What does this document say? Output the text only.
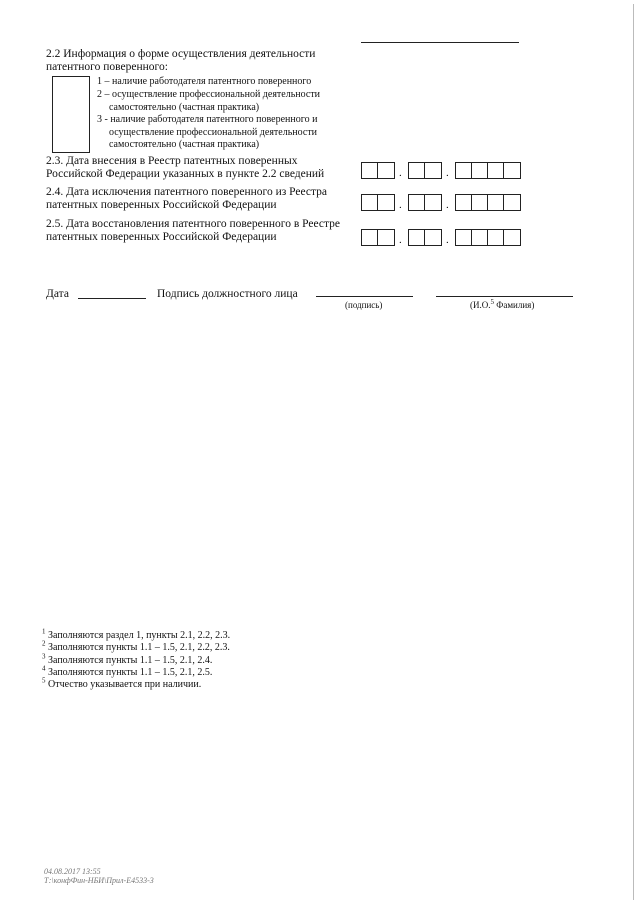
2.2 Информация о форме осуществления деятельности
патентного поверенного:
1 – наличие работодателя патентного поверенного
2 – осуществление профессиональной деятельности
самостоятельно (частная практика)
3 - наличие работодателя патентного поверенного и
осуществление профессиональной деятельности
самостоятельно (частная практика)
2.3. Дата внесения в Реестр патентных поверенных
Российской Федерации указанных в пункте 2.2 сведений	.	.
2.4. Дата исключения патентного поверенного из Реестра
патентных поверенных Российской Федерации	.	.
2.5. Дата восстановления патентного поверенного в Реестре
патентных поверенных Российской Федерации	.	.
Дата	Подпись должностного лица
(подпись)	(И.О.$^5$ Фамилия)
$^1$ Заполняются раздел 1, пункты 2.1, 2.2, 2.3.
$^2$ Заполняются пункты 1.1 – 1.5, 2.1, 2.2, 2.3.
$^3$ Заполняются пункты 1.1 – 1.5, 2.1, 2.4.
$^4$ Заполняются пункты 1.1 – 1.5, 2.1, 2.5.
$^5$ Отчество указывается при наличии.
04.08.2017 13:55
Т:\конфФин-НБИ\Прил-Е4533-3
